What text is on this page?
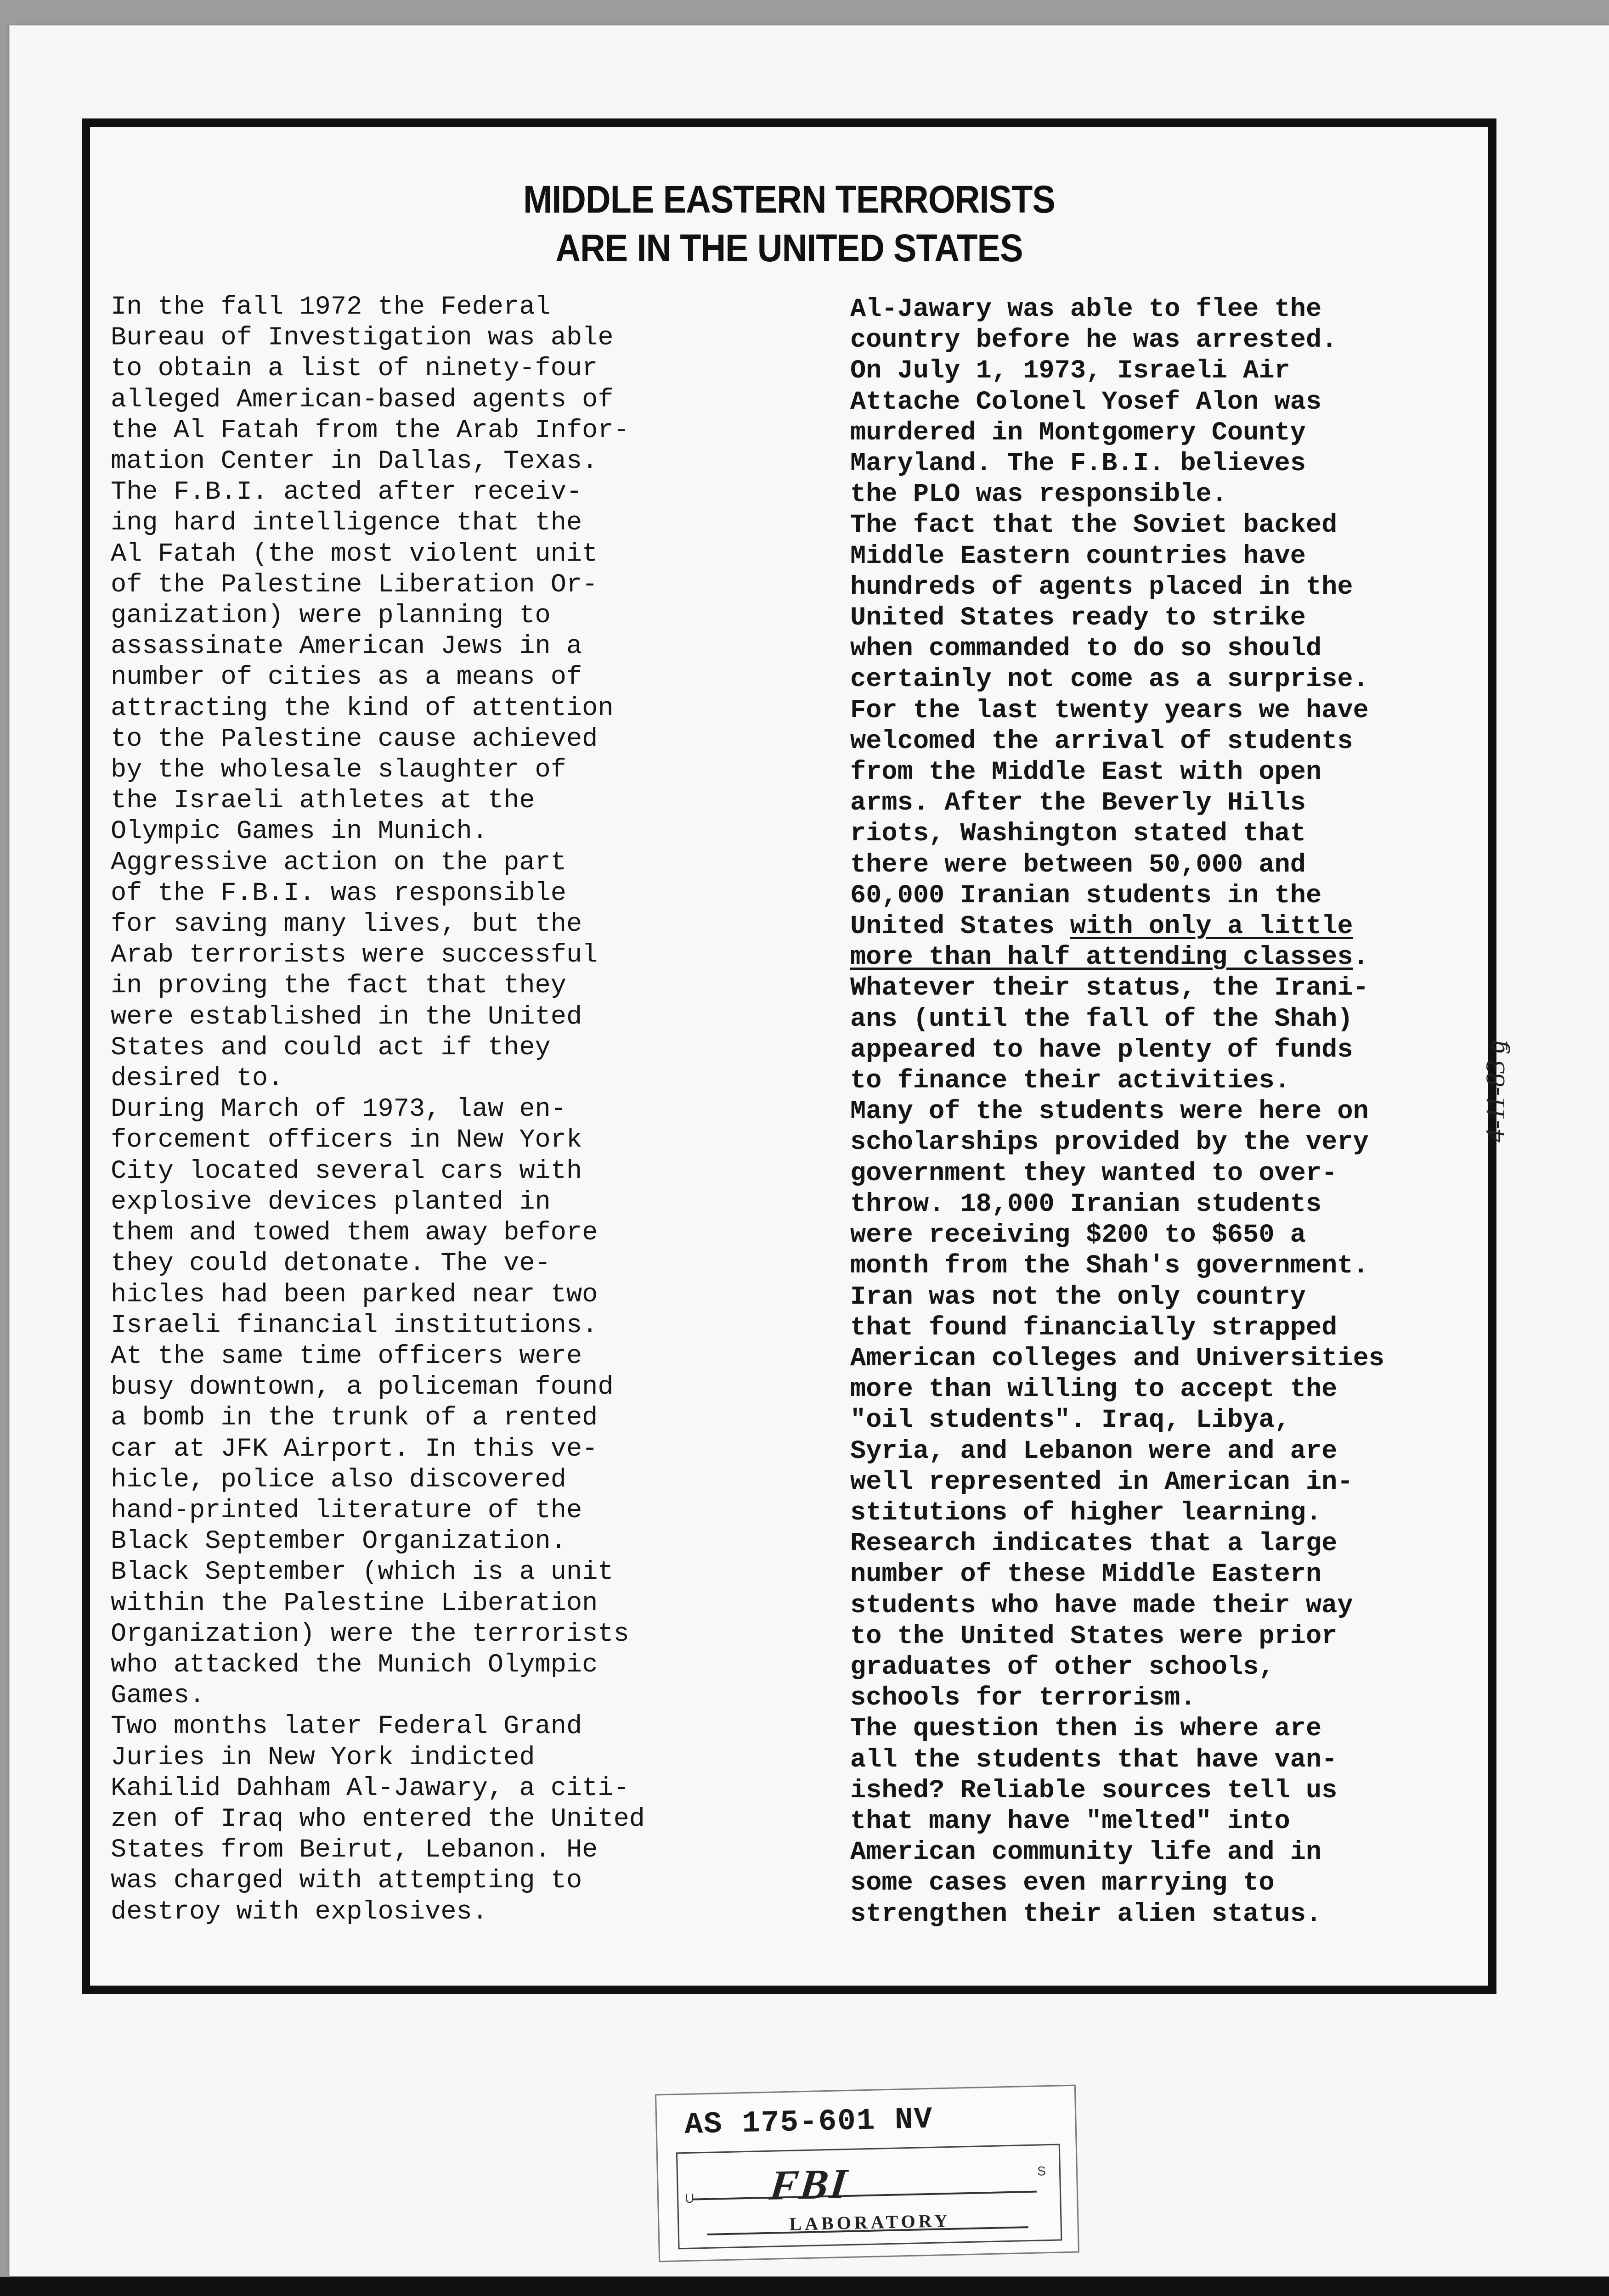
MIDDLE EASTERN TERRORISTS
ARE IN THE UNITED STATES

In the fall 1972 the Federal
Bureau of Investigation was able
to obtain a list of ninety-four
alleged American-based agents of
the Al Fatah from the Arab Infor-
mation Center in Dallas, Texas.

The F.B.I. acted after receiv-
ing hard intelligence that the
Al Fatah (the most violent unit
of the Palestine Liberation Or-
ganization) were planning to
assassinate American Jews in a
number of cities as a means of
attracting the kind of attention
to the Palestine cause achieved
by the wholesale slaughter of
the Israeli athletes at the
Olympic Games in Munich.

Aggressive action on the part
of the F.B.I. was responsible
for saving many lives, but the
Arab terrorists were successful
in proving the fact that they
were established in the United
States and could act if they
desired to.

During March of 1973, law en-
forcement officers in New York
City located several cars with
explosive devices planted in
them and towed them away before
they could detonate. The ve-
hicles had been parked near two
Israeli financial institutions.
At the same time officers were
busy downtown, a policeman found
a bomb in the trunk of a rented
car at JFK Airport. In this ve-
hicle, police also discovered
hand-printed literature of the
Black September Organization.
Black September (which is a unit
within the Palestine Liberation
Organization) were the terrorists
who attacked the Munich Olympic
Games.

Two months later Federal Grand
Juries in New York indicted
Kahilid Dahham Al-Jawary, a citi-
zen of Iraq who entered the United
States from Beirut, Lebanon. He
was charged with attempting to
destroy with explosives.

Al-Jawary was able to flee the
country before he was arrested.

On July 1, 1973, Israeli Air
Attache Colonel Yosef Alon was
murdered in Montgomery County
Maryland. The F.B.I. believes
the PLO was responsible.

The fact that the Soviet backed
Middle Eastern countries have
hundreds of agents placed in the
United States ready to strike
when commanded to do so should
certainly not come as a surprise.
For the last twenty years we have
welcomed the arrival of students
from the Middle East with open
arms. After the Beverly Hills
riots, Washington stated that
there were between 50,000 and
60,000 Iranian students in the
United States with only a little
more than half attending classes.
Whatever their status, the Irani-
ans (until the fall of the Shah)
appeared to have plenty of funds
to finance their activities.
Many of the students were here on
scholarships provided by the very
government they wanted to over-
throw. 18,000 Iranian students
were receiving $200 to $650 a
month from the Shah's government.

Iran was not the only country
that found financially strapped
American colleges and Universities
more than willing to accept the
"oil students". Iraq, Libya,
Syria, and Lebanon were and are
well represented in American in-
stitutions of higher learning.

Research indicates that a large
number of these Middle Eastern
students who have made their way
to the United States were prior
graduates of other schools,
schools for terrorism.

The question then is where are
all the students that have van-
ished? Reliable sources tell us
that many have "melted" into
American community life and in
some cases even marrying to
strengthen their alien status.

4-11-83 ǥ
AS 175-601 NV
U
S
FBI
LABORATORY
